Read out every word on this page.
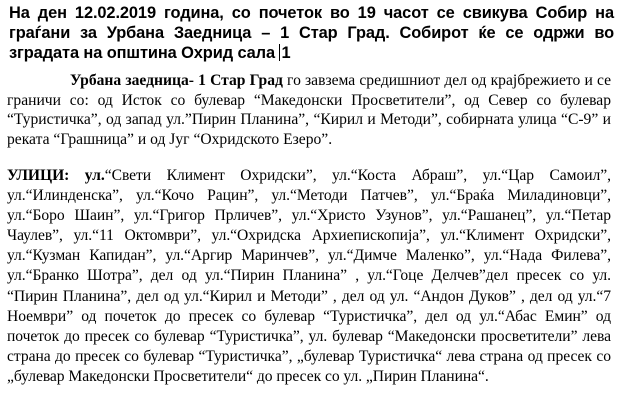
На ден 12.02.2019 година, со почеток во 19 часот се свикува Собир на граѓани за Урбана Заедница – 1 Стар Град. Собирот ќе се одржи во зградата на општина Охрид сала 1

Урбана заедница- 1 Стар Град го завзема средишниот дел од крајбрежието и се граничи со: од Исток со булевар “Македонски Просветители”, од Север со булевар “Туристичка”, од запад ул.”Пирин Планина”, “Кирил и Методи”, собирната улица “С-9” и реката “Грашница” и од Југ “Охридското Езеро”.

УЛИЦИ: ул.“Свети Климент Охридски”, ул.“Коста Абраш”, ул.“Цар Самоил”, ул.“Илинденска”, ул.“Кочо Рацин”, ул.“Методи Патчев”, ул.“Браќа Миладиновци”, ул.“Боро Шаин”, ул.“Григор Прличев”, ул.“Христо Узунов”, ул.“Рашанец”, ул.“Петар Чаулев”, ул.“11 Октомври”, ул.“Охридска Архиепископија”, ул.“Климент Охридски”, ул.“Кузман Капидан”, ул.“Аргир Маринчев”, ул.“Димче Маленко”, ул.“Нада Филева”, ул.“Бранко Шотра”, дел од ул.“Пирин Планина” , ул.“Гоце Делчев”дел пресек со ул. “Пирин Планина”, дел од ул.“Кирил и Методи” , дел од ул. “Андон Дуков” , дел од ул.“7 Ноември” од почеток до пресек со булевар “Туристичка”, дел од ул.“Абас Емин” од почеток до пресек со булевар “Туристичка”, ул. булевар “Македонски просветители” лева страна до пресек со булевар “Туристичка”, „булевар Туристичка“ лева страна од пресек со „булевар Македонски Просветители“ до пресек со ул. „Пирин Планина“.
